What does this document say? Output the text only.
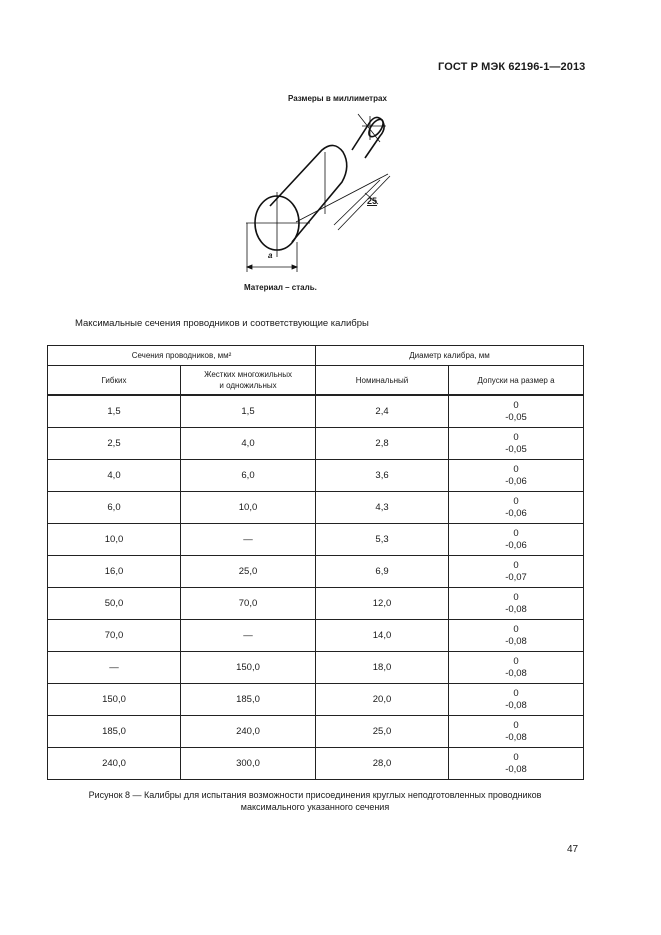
ГОСТ Р МЭК 62196-1—2013
Размеры в миллиметрах
25
a
Материал – сталь.
Максимальные сечения проводников и соответствующие калибры
Сечения проводников, мм²		Диаметр калибра, мм	
Гибких	Жестких многожильных
и одножильных	Номинальный	Допуски на размер a
1,5	1,5	2,4	0
-0,05

2,5	4,0	2,8	0
-0,05

4,0	6,0	3,6	0
-0,06

6,0	10,0	4,3	0
-0,06

10,0	—	5,3	0
-0,06

16,0	25,0	6,9	0
-0,07

50,0	70,0	12,0	0
-0,08

70,0	—	14,0	0
-0,08

—	150,0	18,0	0
-0,08

150,0	185,0	20,0	0
-0,08

185,0	240,0	25,0	0
-0,08

240,0	300,0	28,0	0
-0,08
Рисунок 8 — Калибры для испытания возможности присоединения круглых неподготовленных проводников
максимального указанного сечения
47
